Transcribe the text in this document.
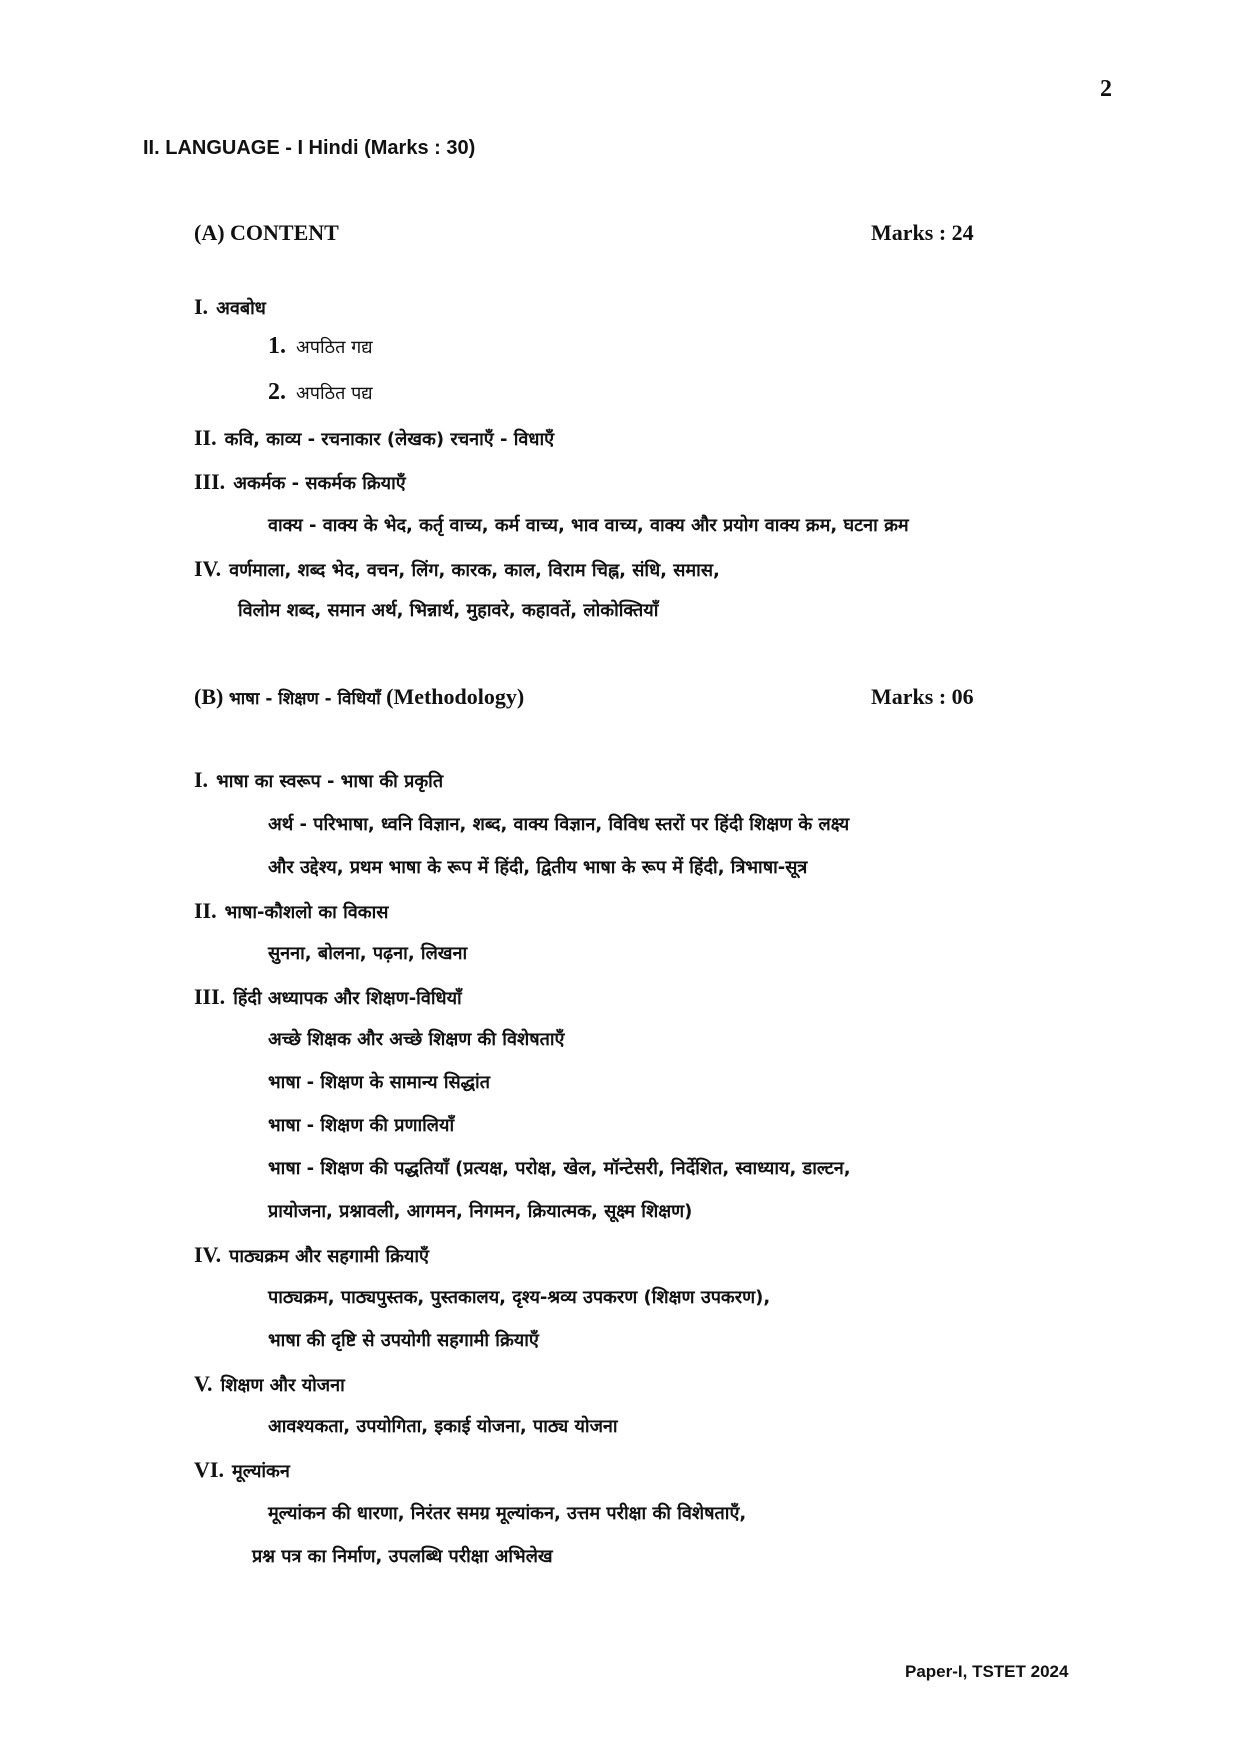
2
II. LANGUAGE - I Hindi (Marks : 30)
(A) CONTENT	Marks : 24
I. अवबोध
1. अपठित गद्य
2. अपठित पद्य
II. कवि, काव्य - रचनाकार (लेखक) रचनाएँ - विधाएँ
III. अकर्मक - सकर्मक क्रियाएँ
वाक्य - वाक्य के भेद, कर्तृ वाच्य, कर्म वाच्य, भाव वाच्य, वाक्य और प्रयोग वाक्य क्रम, घटना क्रम
IV. वर्णमाला, शब्द भेद, वचन, लिंग, कारक, काल, विराम चिह्न, संधि, समास,
विलोम शब्द, समान अर्थ, भिन्नार्थ, मुहावरे, कहावतें, लोकोक्तियाँ
(B) भाषा - शिक्षण - विधियाँ (Methodology)	Marks : 06
I. भाषा का स्वरूप - भाषा की प्रकृति
अर्थ - परिभाषा, ध्वनि विज्ञान, शब्द, वाक्य विज्ञान, विविध स्तरों पर हिंदी शिक्षण के लक्ष्य
और उद्देश्य, प्रथम भाषा के रूप में हिंदी, द्वितीय भाषा के रूप में हिंदी, त्रिभाषा-सूत्र
II. भाषा-कौशलो का विकास
सुनना, बोलना, पढ़ना, लिखना
III. हिंदी अध्यापक और शिक्षण-विधियाँ
अच्छे शिक्षक और अच्छे शिक्षण की विशेषताएँ
भाषा - शिक्षण के सामान्य सिद्धांत
भाषा - शिक्षण की प्रणालियाँ
भाषा - शिक्षण की पद्धतियाँ (प्रत्यक्ष, परोक्ष, खेल, मॉन्टेसरी, निर्देशित, स्वाध्याय, डाल्टन,
प्रायोजना, प्रश्नावली, आगमन, निगमन, क्रियात्मक, सूक्ष्म शिक्षण)
IV. पाठ्यक्रम और सहगामी क्रियाएँ
पाठ्यक्रम, पाठ्यपुस्तक, पुस्तकालय, दृश्य-श्रव्य उपकरण (शिक्षण उपकरण),
भाषा की दृष्टि से उपयोगी सहगामी क्रियाएँ
V. शिक्षण और योजना
आवश्यकता, उपयोगिता, इकाई योजना, पाठ्य योजना
VI. मूल्यांकन
मूल्यांकन की धारणा, निरंतर समग्र मूल्यांकन, उत्तम परीक्षा की विशेषताएँ,
प्रश्न पत्र का निर्माण, उपलब्धि परीक्षा अभिलेख
Paper-I, TSTET 2024
